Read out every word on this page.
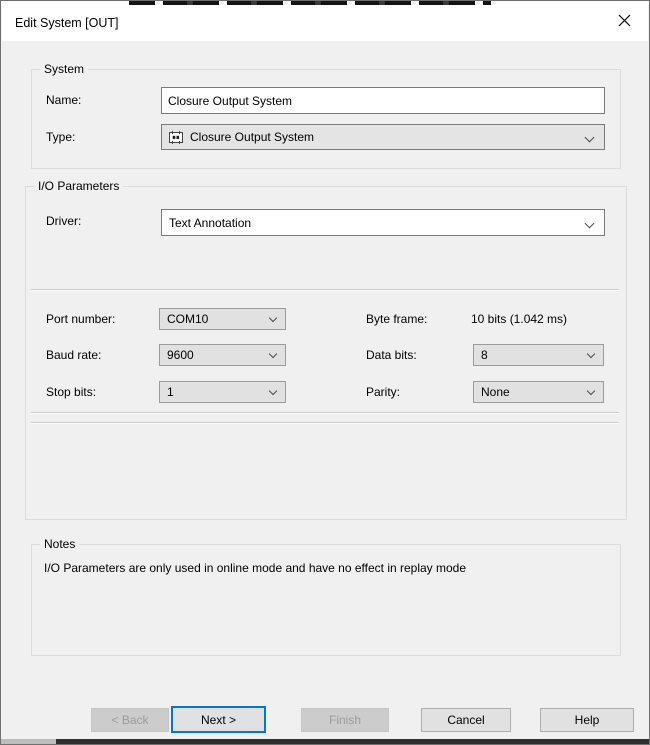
Edit System [OUT]
System
Name:
Closure Output System
Type:	Closure Output System
I/O Parameters
Driver:	Text Annotation
Port number:	COM10	Byte frame:	10 bits (1.042 ms)
Baud rate:	9600	Data bits:	8
Stop bits:	1	Parity:	None
Notes
I/O Parameters are only used in online mode and have no effect in replay mode
< Back	Next >	Finish	Cancel	Help
